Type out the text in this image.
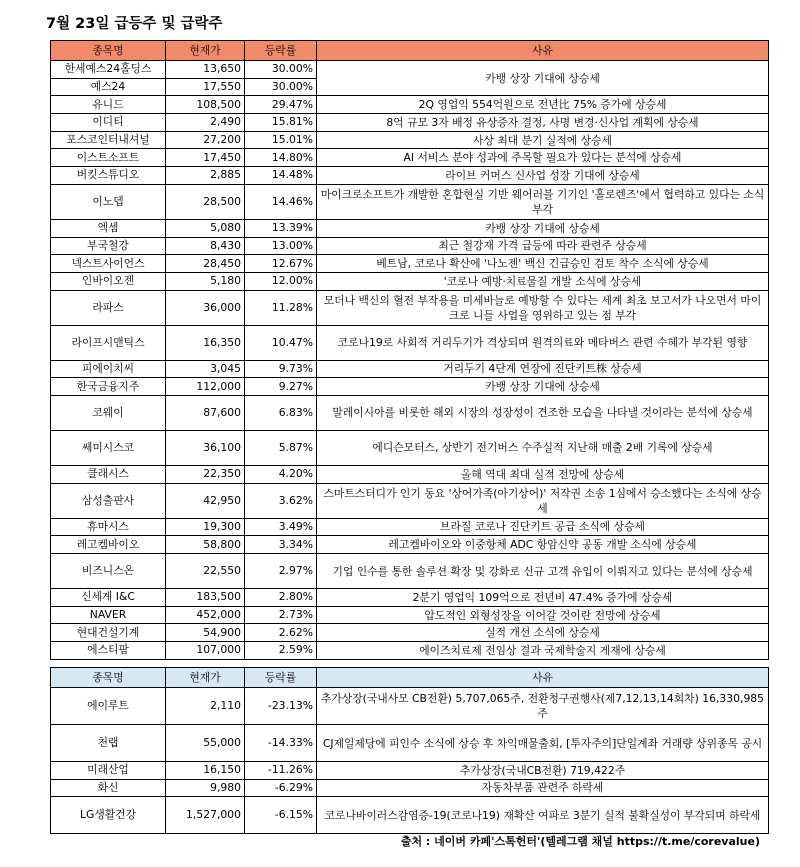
7월 23일 급등주 및 급락주
종목명	현재가	등락률	사유
한세예스24홀딩스	13,650	30.00%	카뱅 상장 기대에 상승세
예스24	17,550	30.00%	
유니드	108,500	29.47%	2Q 영업익 554억원으로 전년比 75% 증가에 상승세
이디티	2,490	15.81%	8억 규모 3자 배정 유상증자 결정, 사명 변경·신사업 계획에 상승세
포스코인터내셔널	27,200	15.01%	사상 최대 분기 실적에 상승세
이스트소프트	17,450	14.80%	AI 서비스 분야 성과에 주목할 필요가 있다는 분석에 상승세
버킷스튜디오	2,885	14.48%	라이브 커머스 신사업 성장 기대에 상승세
이노뎁	28,500	14.46%	마이크로소프트가 개발한 혼합현실 기반 웨어러블 기기인 '홀로렌즈'에서 협력하고 있다는 소식 부각
엑셈	5,080	13.39%	카뱅 상장 기대에 상승세
부국철강	8,430	13.00%	최근 철강재 가격 급등에 따라 관련주 상승세
넥스트사이언스	28,450	12.67%	베트남, 코로나 확산에 '나노젠' 백신 긴급승인 검토 착수 소식에 상승세
인바이오젠	5,180	12.00%	'코로나 예방·치료물질 개발 소식에 상승세
라파스	36,000	11.28%	모더나 백신의 혈전 부작용을 미세바늘로 예방할 수 있다는 세계 최초 보고서가 나오면서 마이크로 니들 사업을 영위하고 있는 점 부각
라이프시맨틱스	16,350	10.47%	코로나19로 사회적 거리두기가 격상되며 원격의료와 메타버스 관련 수혜가 부각된 영향
피에이치씨	3,045	9.73%	거리두기 4단계 연장에 진단키트株 상승세
한국금융지주	112,000	9.27%	카뱅 상장 기대에 상승세
코웨이	87,600	6.83%	말레이시아를 비롯한 해외 시장의 성장성이 견조한 모습을 나타낼 것이라는 분석에 상승세
쎄미시스코	36,100	5.87%	에디슨모터스, 상반기 전기버스 수주실적 지난해 매출 2배 기록에 상승세
클래시스	22,350	4.20%	올해 역대 최대 실적 전망에 상승세
삼성출판사	42,950	3.62%	스마트스터디가 인기 동요 '상어가족(아기상어)' 저작권 소송 1심에서 승소했다는 소식에 상승세
휴마시스	19,300	3.49%	브라질 코로나 진단키트 공급 소식에 상승세
레고켐바이오	58,800	3.34%	레고켐바이오와 이중항체 ADC 항암신약 공동 개발 소식에 상승세
비즈니스온	22,550	2.97%	기업 인수를 통한 솔루션 확장 및 강화로 신규 고객 유입이 이뤄지고 있다는 분석에 상승세
신세계 I&C	183,500	2.80%	2분기 영업익 109억으로 전년비 47.4% 증가에 상승세
NAVER	452,000	2.73%	압도적인 외형성장을 이어갈 것이란 전망에 상승세
현대건설기계	54,900	2.62%	실적 개선 소식에 상승세
에스티팜	107,000	2.59%	에이즈치료제 전임상 결과 국제학술지 게재에 상승세
종목명	현재가	등락률	사유
에이루트	2,110	-23.13%	추가상장(국내사모 CB전환) 5,707,065주, 전환청구권행사(제7,12,13,14회차) 16,330,985주
천랩	55,000	-14.33%	CJ제일제당에 피인수 소식에 상승 후 차익매물출회, [투자주의]단일계좌 거래량 상위종목 공시
미래산업	16,150	-11.26%	추가상장(국내CB전환) 719,422주
화신	9,980	-6.29%	자동차부품 관련주 하락세
LG생활건강	1,527,000	-6.15%	코로나바이러스감염증-19(코로나19) 재확산 여파로 3분기 실적 불확실성이 부각되며 하락세
출처 : 네이버 카페'스톡헌터'(텔레그램 채널 https://t.me/corevalue)
